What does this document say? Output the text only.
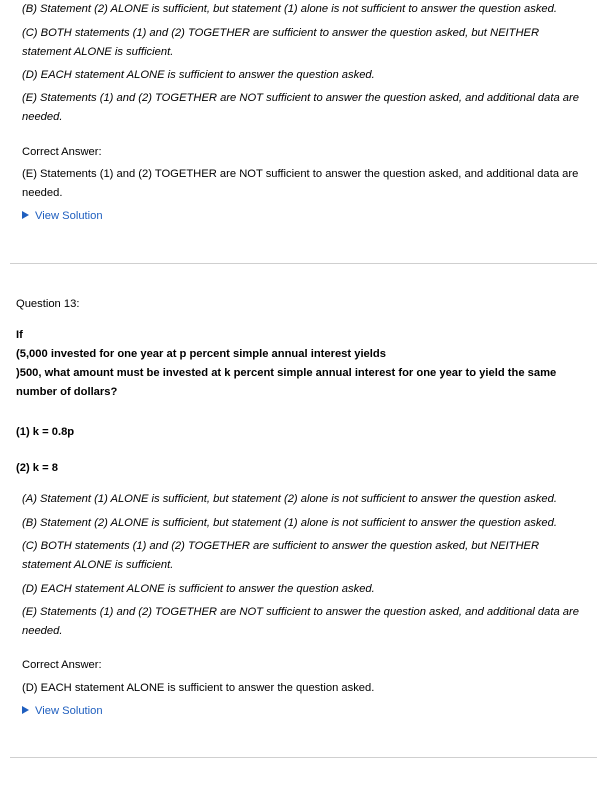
(B) Statement (2) ALONE is sufficient, but statement (1) alone is not sufficient to answer the question asked.
(C) BOTH statements (1) and (2) TOGETHER are sufficient to answer the question asked, but NEITHER statement ALONE is sufficient.
(D) EACH statement ALONE is sufficient to answer the question asked.
(E) Statements (1) and (2) TOGETHER are NOT sufficient to answer the question asked, and additional data are needed.
Correct Answer:
(E) Statements (1) and (2) TOGETHER are NOT sufficient to answer the question asked, and additional data are needed.
View Solution
Question 13:
If
(5,000 invested for one year at p percent simple annual interest yields
)500, what amount must be invested at k percent simple annual interest for one year to yield the same number of dollars?
(1) k = 0.8p
(2) k = 8
(A) Statement (1) ALONE is sufficient, but statement (2) alone is not sufficient to answer the question asked.
(B) Statement (2) ALONE is sufficient, but statement (1) alone is not sufficient to answer the question asked.
(C) BOTH statements (1) and (2) TOGETHER are sufficient to answer the question asked, but NEITHER statement ALONE is sufficient.
(D) EACH statement ALONE is sufficient to answer the question asked.
(E) Statements (1) and (2) TOGETHER are NOT sufficient to answer the question asked, and additional data are needed.
Correct Answer:
(D) EACH statement ALONE is sufficient to answer the question asked.
View Solution
